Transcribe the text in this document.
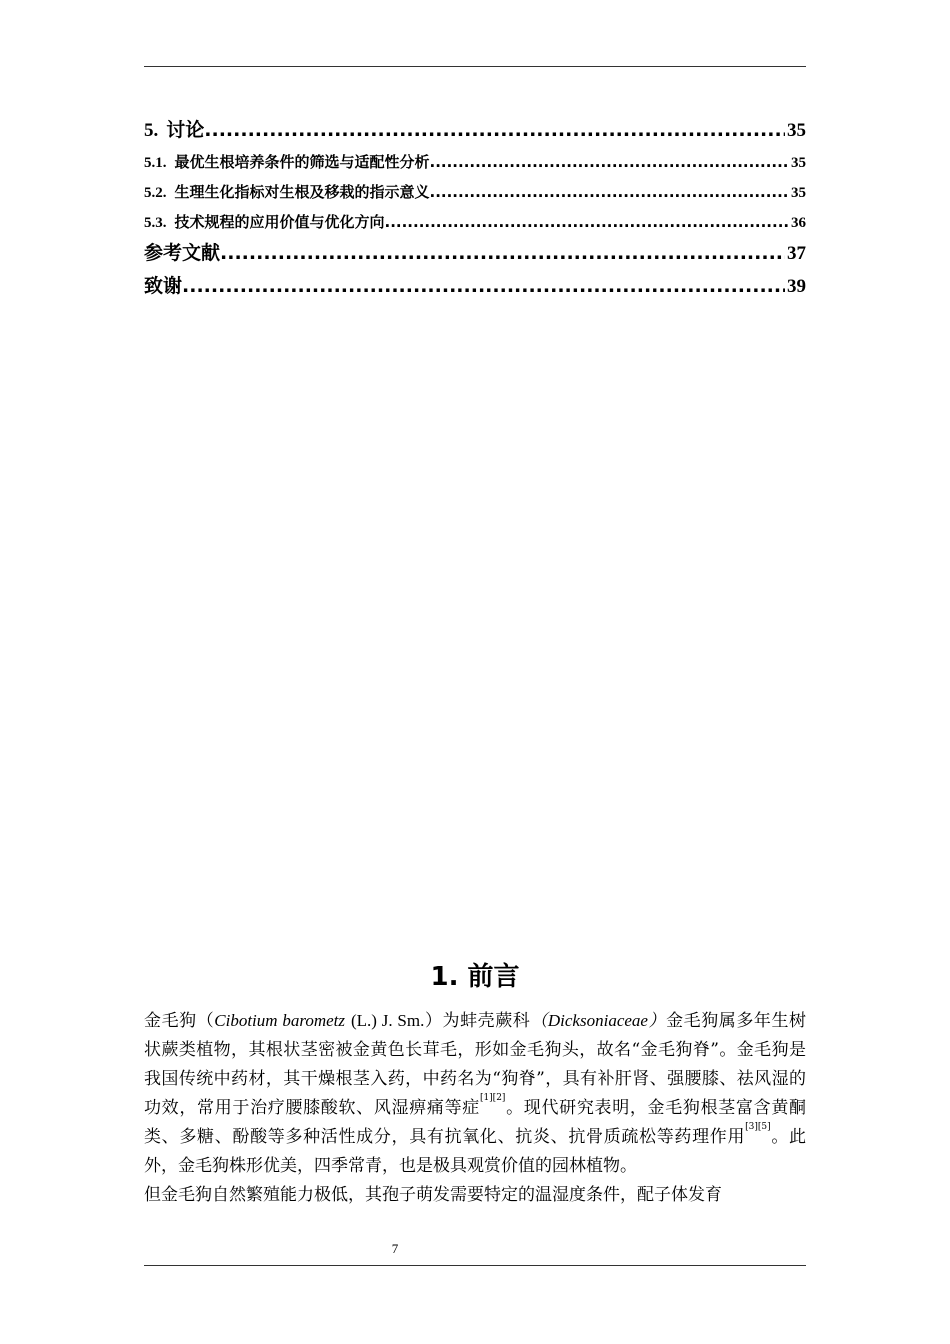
5. 讨论 .....	35
5.1. 最优生根培养条件的筛选与适配性分析 .....	35
5.2. 生理生化指标对生根及移栽的指示意义 .....	35
5.3. 技术规程的应用价值与优化方向 .....	36
参考文献 .....	37
致谢 .....	39
1. 前言

金毛狗（Cibotium barometz (L.) J. Sm.）为蚌壳蕨科（Dicksoniaceae）金毛狗属多年生树状蕨类植物，其根状茎密被金黄色长茸毛，形如金毛狗头，故名“金毛狗脊”。金毛狗是我国传统中药材，其干燥根茎入药，中药名为“狗脊”，具有补肝肾、强腰膝、祛风湿的功效，常用于治疗腰膝酸软、风湿痹痛等症[1][2]。现代研究表明，金毛狗根茎富含黄酮类、多糖、酚酸等多种活性成分，具有抗氧化、抗炎、抗骨质疏松等药理作用[3][5]。此外，金毛狗株形优美，四季常青，也是极具观赏价值的园林植物。

但金毛狗自然繁殖能力极低，其孢子萌发需要特定的温湿度条件，配子体发育

7
